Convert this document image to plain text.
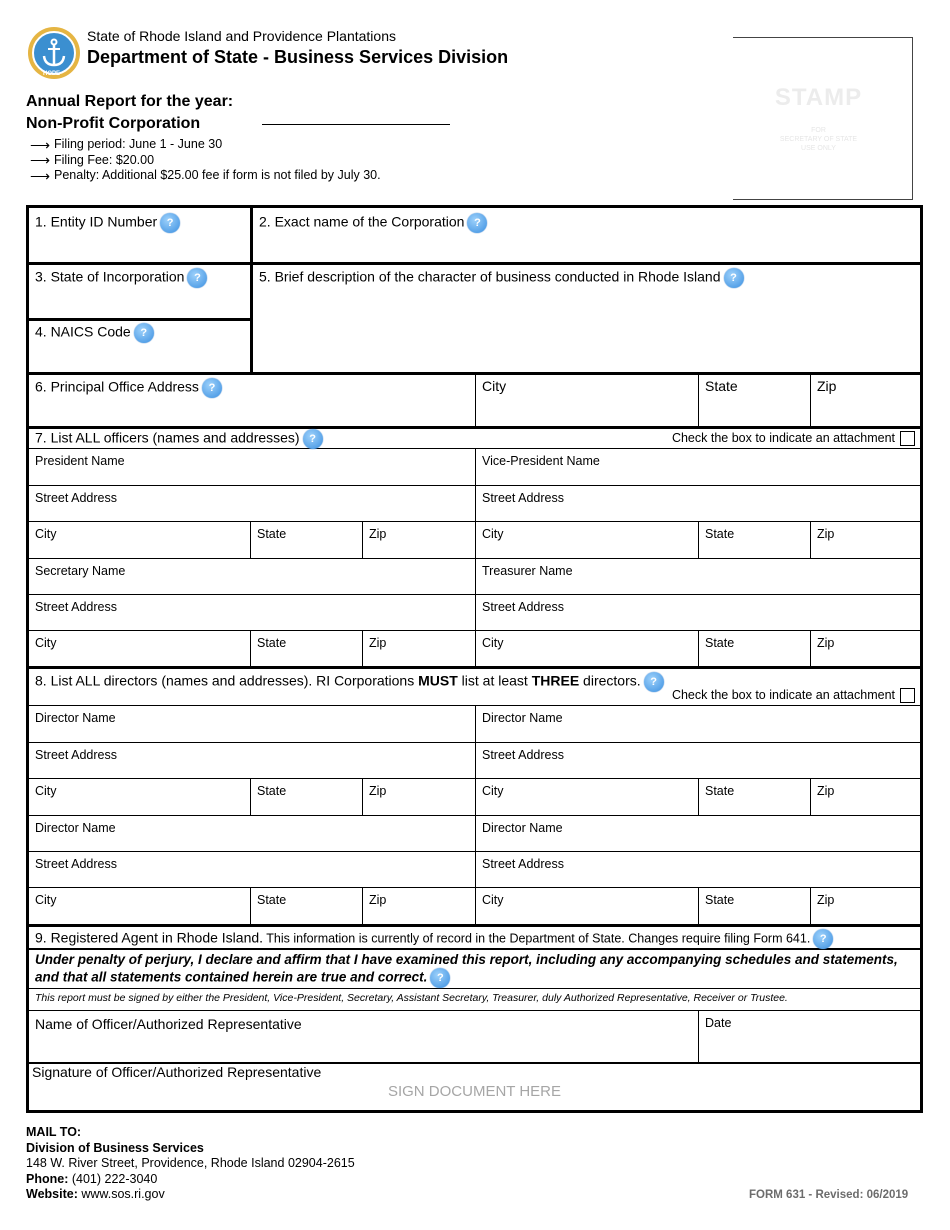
HOPE
State of Rhode Island and Providence Plantations
Department of State - Business Services Division
Annual Report for the year:
Non-Profit Corporation
⟶ Filing period: June 1 - June 30
⟶ Filing Fee: $20.00
⟶ Penalty: Additional $25.00 fee if form is not filed by July 30.
STAMP
FOR
SECRETARY OF STATE
USE ONLY
1. Entity ID Number ?	2. Exact name of the Corporation ?
3. State of Incorporation ?
4. NAICS Code ?
5. Brief description of the character of business conducted in Rhode Island ?
6. Principal Office Address ?	City	State	Zip
7. List ALL officers (names and addresses) ?	Check the box to indicate an attachment
President Name	Vice-President Name
Street Address	Street Address
City	State	Zip	City	State	Zip
Secretary Name	Treasurer Name
Street Address	Street Address
City	State	Zip	City	State	Zip
8. List ALL directors (names and addresses). RI Corporations MUST list at least THREE directors. ?
Check the box to indicate an attachment
Director Name	Director Name
Street Address	Street Address
City	State	Zip	City	State	Zip
Director Name	Director Name
Street Address	Street Address
City	State	Zip	City	State	Zip
9. Registered Agent in Rhode Island. This information is currently of record in the Department of State. Changes require filing Form 641. ?
Under penalty of perjury, I declare and affirm that I have examined this report, including any accompanying schedules and statements, and that all statements contained herein are true and correct. ?
This report must be signed by either the President, Vice-President, Secretary, Assistant Secretary, Treasurer, duly Authorized Representative, Receiver or Trustee.
Name of Officer/Authorized Representative	Date
Signature of Officer/Authorized Representative
SIGN DOCUMENT HERE
MAIL TO:
Division of Business Services
148 W. River Street, Providence, Rhode Island 02904-2615
Phone: (401) 222-3040
Website: www.sos.ri.gov	FORM 631 - Revised: 06/2019
